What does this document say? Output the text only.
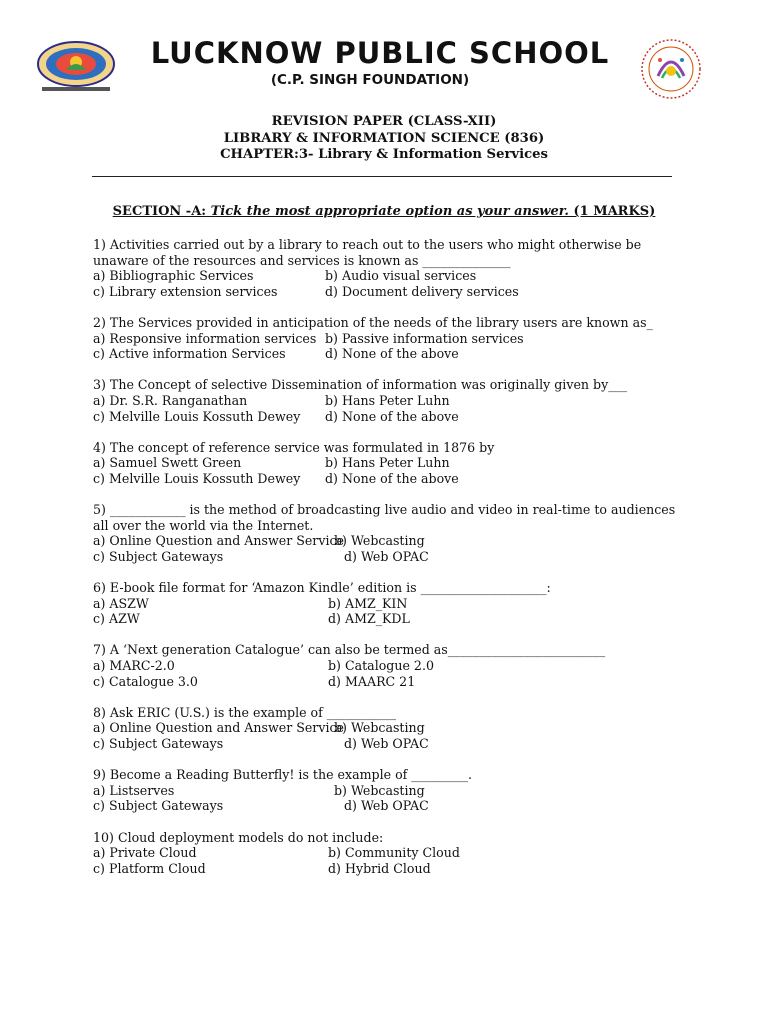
LUCKNOW PUBLIC SCHOOL
(C.P. SINGH FOUNDATION)
REVISION PAPER (CLASS-XII)
LIBRARY & INFORMATION SCIENCE (836)
CHAPTER:3- Library & Information Services
SECTION -A: Tick the most appropriate option as your answer. (1 MARKS)
1) Activities carried out by a library to reach out to the users who might otherwise be unaware of the resources and services is known as ______________
a) Bibliographic Services	b) Audio visual services
c) Library extension services	d) Document delivery services
2) The Services provided in anticipation of the needs of the library users are known as_
a) Responsive information services b) Passive information services
c) Active information Services	d) None of the above
3) The Concept of selective Dissemination of information was originally given by___
a) Dr. S.R. Ranganathan	b) Hans Peter Luhn
c) Melville Louis Kossuth Dewey	d) None of the above
4) The concept of reference service was formulated in 1876 by
a) Samuel Swett Green	b) Hans Peter Luhn
c) Melville Louis Kossuth Dewey	d) None of the above
5) ____________ is the method of broadcasting live audio and video in real-time to audiences all over the world via the Internet.
a) Online Question and Answer Service
b) Webcasting
c) Subject Gateways	d) Web OPAC
6) E-book file format for ‘Amazon Kindle’ edition is ____________________:
a) ASZW	b) AMZ_KIN
c) AZW	d) AMZ_KDL
7) A ‘Next generation Catalogue’ can also be termed as_________________________
a) MARC-2.0	b) Catalogue 2.0
c) Catalogue 3.0	d) MAARC 21
8) Ask ERIC (U.S.) is the example of ___________
a) Online Question and Answer Service
b) Webcasting
c) Subject Gateways	d) Web OPAC
9) Become a Reading Butterfly! is the example of _________.
a) Listserves	b) Webcasting
c) Subject Gateways	d) Web OPAC
10) Cloud deployment models do not include:
a) Private Cloud	b) Community Cloud
c) Platform Cloud	d) Hybrid Cloud
